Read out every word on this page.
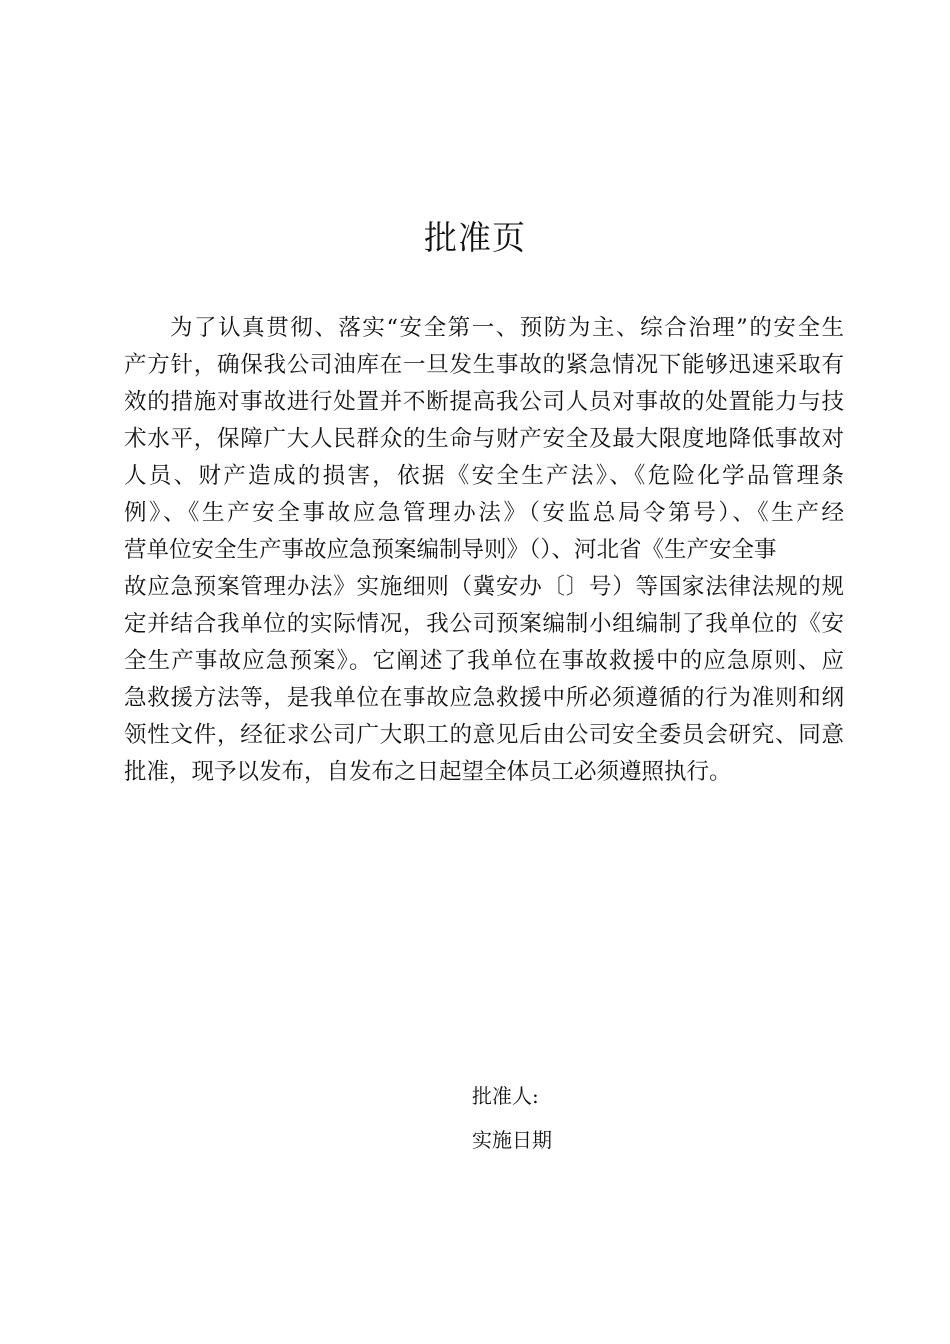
批准页
为了认真贯彻、落实“安全第一、预防为主、综合治理”的安全生
产方针，确保我公司油库在一旦发生事故的紧急情况下能够迅速采取有
效的措施对事故进行处置并不断提高我公司人员对事故的处置能力与技
术水平，保障广大人民群众的生命与财产安全及最大限度地降低事故对
人员、财产造成的损害，依据《安全生产法》、《危险化学品管理条
例》、《生产安全事故应急管理办法》（安监总局令第号）、《生产经
营单位安全生产事故应急预案编制导则》（）、河北省《生产安全事
故应急预案管理办法》实施细则（冀安办〔〕号）等国家法律法规的规
定并结合我单位的实际情况，我公司预案编制小组编制了我单位的《安
全生产事故应急预案》。它阐述了我单位在事故救援中的应急原则、应
急救援方法等，是我单位在事故应急救援中所必须遵循的行为准则和纲
领性文件，经征求公司广大职工的意见后由公司安全委员会研究、同意
批准，现予以发布，自发布之日起望全体员工必须遵照执行。
批准人:
实施日期
